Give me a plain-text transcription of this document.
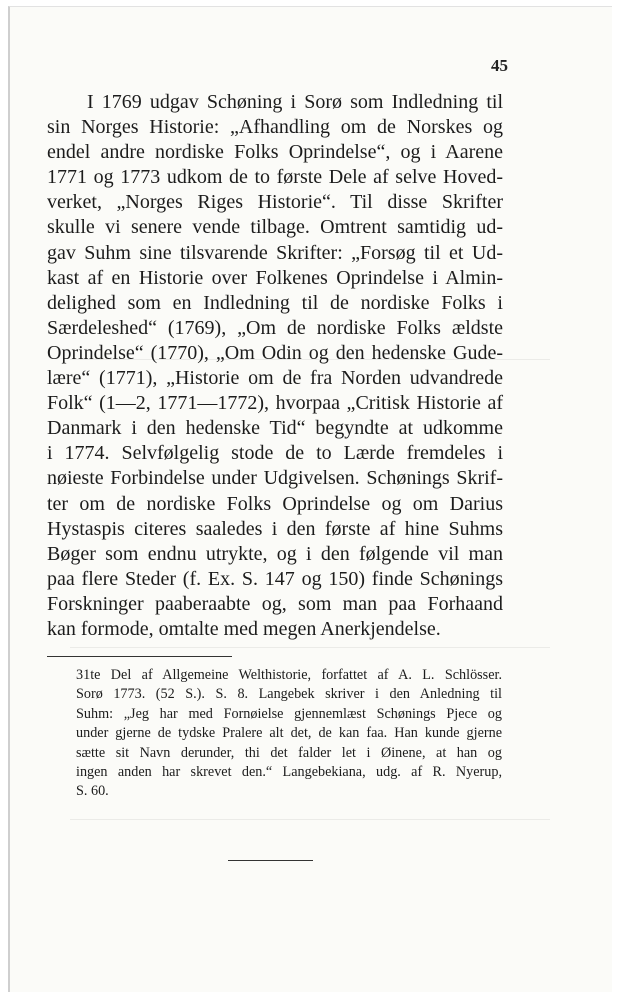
45
I 1769 udgav Schøning i Sorø som Indledning til
sin Norges Historie: „Afhandling om de Norskes og
endel andre nordiske Folks Oprindelse“, og i Aarene
1771 og 1773 udkom de to første Dele af selve Hoved-
verket, „Norges Riges Historie“. Til disse Skrifter
skulle vi senere vende tilbage. Omtrent samtidig ud-
gav Suhm sine tilsvarende Skrifter: „Forsøg til et Ud-
kast af en Historie over Folkenes Oprindelse i Almin-
delighed som en Indledning til de nordiske Folks i
Særdeleshed“ (1769), „Om de nordiske Folks ældste
Oprindelse“ (1770), „Om Odin og den hedenske Gude-
lære“ (1771), „Historie om de fra Norden udvandrede
Folk“ (1—2, 1771—1772), hvorpaa „Critisk Historie af
Danmark i den hedenske Tid“ begyndte at udkomme
i 1774. Selvfølgelig stode de to Lærde fremdeles i
nøieste Forbindelse under Udgivelsen. Schønings Skrif-
ter om de nordiske Folks Oprindelse og om Darius
Hystaspis citeres saaledes i den første af hine Suhms
Bøger som endnu utrykte, og i den følgende vil man
paa flere Steder (f. Ex. S. 147 og 150) finde Schønings
Forskninger paaberaabte og, som man paa Forhaand
kan formode, omtalte med megen Anerkjendelse.
31te Del af Allgemeine Welthistorie, forfattet af A. L. Schlösser.
Sorø 1773. (52 S.). S. 8. Langebek skriver i den Anledning til
Suhm: „Jeg har med Fornøielse gjennemlæst Schønings Pjece og
under gjerne de tydske Pralere alt det, de kan faa. Han kunde gjerne
sætte sit Navn derunder, thi det falder let i Øinene, at han og
ingen anden har skrevet den.“ Langebekiana, udg. af R. Nyerup,
S. 60.
